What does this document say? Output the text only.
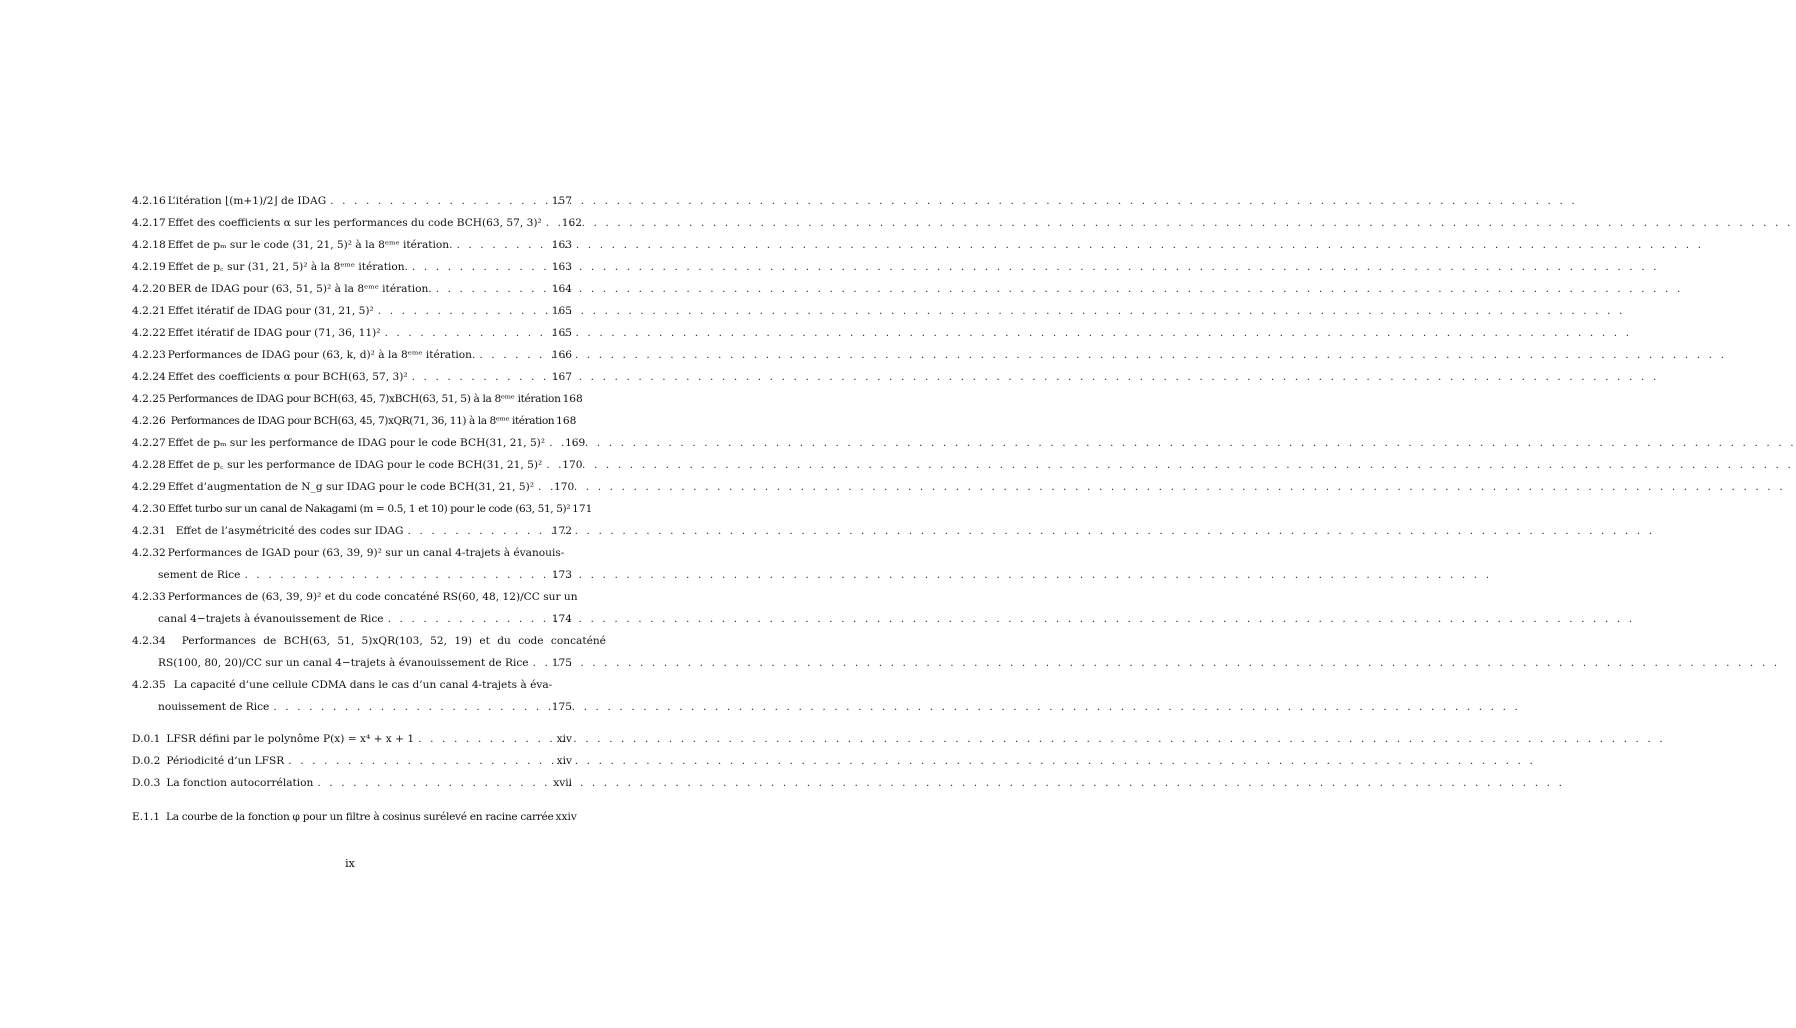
4.2.16 L’itération ⌊(m+1)/2⌋ de IDAG . . .	157
4.2.17 Effet des coefficients α sur les performances du code BCH(63, 57, 3)² . . . 162
4.2.18 Effet de pₘ sur le code (31, 21, 5)² à la 8ᵉᵐᵉ itération. . . .	163
4.2.19 Effet de p꜀ sur (31, 21, 5)² à la 8ᵉᵐᵉ itération. . . .	163
4.2.20 BER de IDAG pour (63, 51, 5)² à la 8ᵉᵐᵉ itération. . . .	164
4.2.21 Effet itératif de IDAG pour (31, 21, 5)² . . .	165
4.2.22 Effet itératif de IDAG pour (71, 36, 11)² . . .	165
4.2.23 Performances de IDAG pour (63, k, d)² à la 8ᵉᵐᵉ itération. . . .	166
4.2.24 Effet des coefficients α pour BCH(63, 57, 3)² . . .	167
4.2.25 Performances de IDAG pour BCH(63, 45, 7)xBCH(63, 51, 5) à la 8ᵉᵐᵉ itération 168
4.2.26 Performances de IDAG pour BCH(63, 45, 7)xQR(71, 36, 11) à la 8ᵉᵐᵉ itération 168
4.2.27 Effet de pₘ sur les performance de IDAG pour le code BCH(31, 21, 5)² . . . 169
4.2.28 Effet de p꜀ sur les performance de IDAG pour le code BCH(31, 21, 5)² . . . 170
4.2.29 Effet d’augmentation de N_g sur IDAG pour le code BCH(31, 21, 5)² . . . 170
4.2.30 Effet turbo sur un canal de Nakagami (m = 0.5, 1 et 10) pour le code (63, 51, 5)² 171
4.2.31 Effet de l’asymétricité des codes sur IDAG . . .	172
4.2.32 Performances de IGAD pour (63, 39, 9)² sur un canal 4-trajets à évanouis-
sement de Rice . . .	173
4.2.33 Performances de (63, 39, 9)² et du code concaténé RS(60, 48, 12)/CC sur un
canal 4−trajets à évanouissement de Rice . . .	174
4.2.34 Performances de BCH(63, 51, 5)xQR(103, 52, 19) et du code concaténé
RS(100, 80, 20)/CC sur un canal 4−trajets à évanouissement de Rice . . . 175
4.2.35 La capacité d’une cellule CDMA dans le cas d’un canal 4-trajets à éva-
nouissement de Rice . . .	175
D.0.1 LFSR défini par le polynôme P(x) = x⁴ + x + 1 . . .	xiv
D.0.2 Périodicité d’un LFSR . . .	xiv
D.0.3 La fonction autocorrélation . . .	xvii
E.1.1 La courbe de la fonction φ pour un filtre à cosinus surélevé en racine carrée xxiv
ix
